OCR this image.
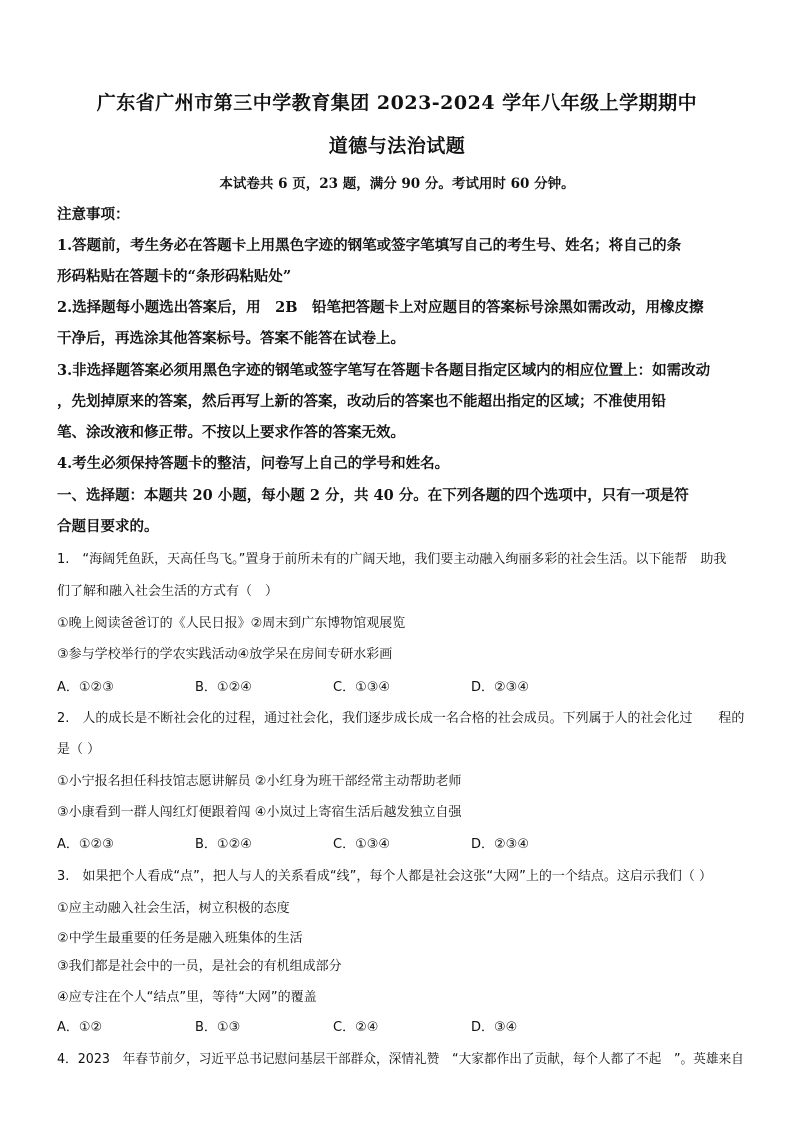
广东省广州市第三中学教育集团 2023-2024 学年八年级上学期期中
道德与法治试题
本试卷共 6 页，23 题，满分 90 分。考试用时 60 分钟。
注意事项：
1.答题前，考生务必在答题卡上用黑色字迹的钢笔或签字笔填写自己的考生号、姓名；将自己的条
形码粘贴在答题卡的“条形码粘贴处”
2.选择题每小题选出答案后，用　2B　铅笔把答题卡上对应题目的答案标号涂黑如需改动，用橡皮擦
干净后，再选涂其他答案标号。答案不能答在试卷上。
3.非选择题答案必须用黑色字迹的钢笔或签字笔写在答题卡各题目指定区域内的相应位置上：如需改动
，先划掉原来的答案，然后再写上新的答案，改动后的答案也不能超出指定的区域；不准使用铅
笔、涂改液和修正带。不按以上要求作答的答案无效。
4.考生必须保持答题卡的整洁，问卷写上自己的学号和姓名。
一、选择题：本题共 20 小题，每小题 2 分，共 40 分。在下列各题的四个选项中，只有一项是符
合题目要求的。
1.　“海阔凭鱼跃，天高任鸟飞。”置身于前所未有的广阔天地，我们要主动融入绚丽多彩的社会生活。以下能帮　助我
们了解和融入社会生活的方式有（　）
①晚上阅读爸爸订的《人民日报》②周末到广东博物馆观展览
③参与学校举行的学农实践活动④放学呆在房间专研水彩画
A．①②③	B．①②④	C．①③④	D．②③④
2.　人的成长是不断社会化的过程，通过社会化，我们逐步成长成一名合格的社会成员。下列属于人的社会化过　　程的
是（ ）
①小宁报名担任科技馆志愿讲解员 ②小红身为班干部经常主动帮助老师
③小康看到一群人闯红灯便跟着闯 ④小岚过上寄宿生活后越发独立自强
A．①②③	B．①②④	C．①③④	D．②③④
3.　如果把个人看成“点”，把人与人的关系看成“线”，每个人都是社会这张“大网”上的一个结点。这启示我们（ ）
①应主动融入社会生活，树立积极的态度
②中学生最重要的任务是融入班集体的生活
③我们都是社会中的一员，是社会的有机组成部分
④应专注在个人“结点”里，等待“大网”的覆盖
A．①②	B．①③	C．②④	D．③④
4．2023　年春节前夕，习近平总书记慰问基层干部群众，深情礼赞　“大家都作出了贡献，每个人都了不起　”。英雄来自
